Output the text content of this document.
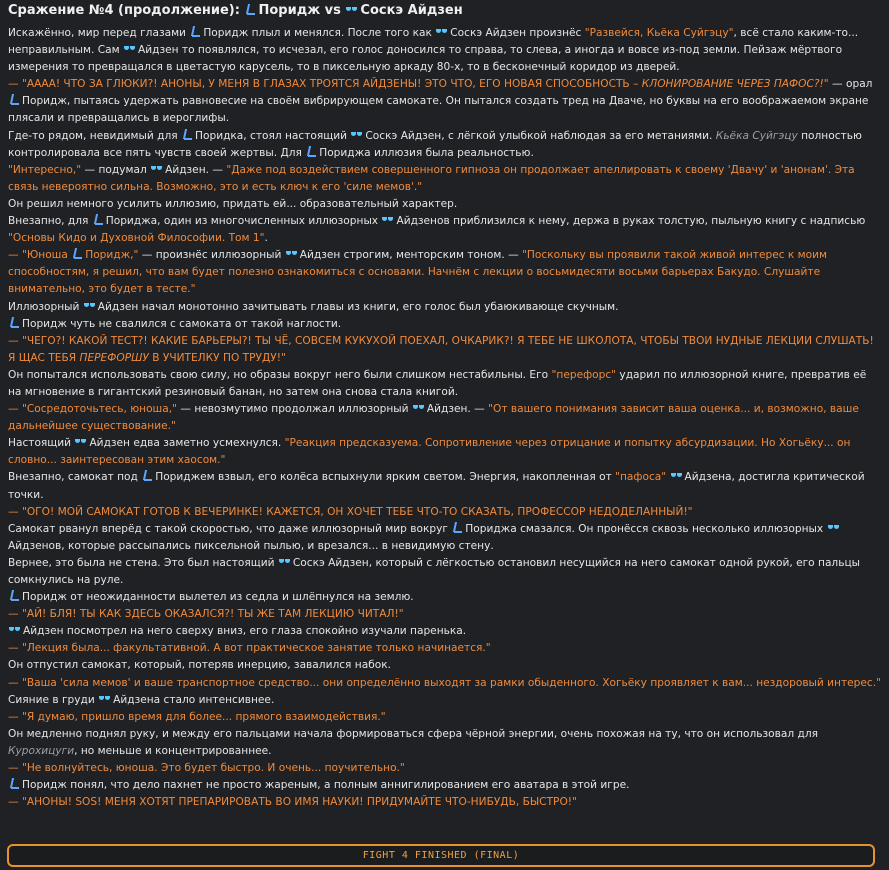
Сражение №4 (продолжение): Поридж vs Соскэ Айдзен

Искажённо, мир перед глазами Поридж плыл и менялся. После того как Соскэ Айдзен произнёс "Развейся, Кьёка Суйгэцу", всё стало каким-то... неправильным. Сам Айдзен то появлялся, то исчезал, его голос доносился то справа, то слева, а иногда и вовсе из-под земли. Пейзаж мёртвого измерения то превращался в цветастую карусель, то в пиксельную аркаду 80-х, то в бесконечный коридор из дверей.

— "АААА! ЧТО ЗА ГЛЮКИ?! АНОНЫ, У МЕНЯ В ГЛАЗАХ ТРОЯТСЯ АЙДЗЕНЫ! ЭТО ЧТО, ЕГО НОВАЯ СПОСОБНОСТЬ – КЛОНИРОВАНИЕ ЧЕРЕЗ ПАФОС?!" — орал Поридж, пытаясь удержать равновесие на своём вибрирующем самокате. Он пытался создать тред на Дваче, но буквы на его воображаемом экране плясали и превращались в иероглифы.

Где-то рядом, невидимый для Поридка, стоял настоящий Соскэ Айдзен, с лёгкой улыбкой наблюдая за его метаниями. Кьёка Суйгэцу полностью контролировала все пять чувств своей жертвы. Для Пориджа иллюзия была реальностью.

"Интересно," — подумал Айдзен. — "Даже под воздействием совершенного гипноза он продолжает апеллировать к своему 'Двачу' и 'анонам'. Эта связь невероятно сильна. Возможно, это и есть ключ к его 'силе мемов'."

Он решил немного усилить иллюзию, придать ей... образовательный характер.

Внезапно, для Пориджа, один из многочисленных иллюзорных Айдзенов приблизился к нему, держа в руках толстую, пыльную книгу с надписью "Основы Кидо и Духовной Философии. Том 1".

— "Юноша Поридж," — произнёс иллюзорный Айдзен строгим, менторским тоном. — "Поскольку вы проявили такой живой интерес к моим способностям, я решил, что вам будет полезно ознакомиться с основами. Начнём с лекции о восьмидесяти восьми барьерах Бакудо. Слушайте внимательно, это будет в тесте."

Иллюзорный Айдзен начал монотонно зачитывать главы из книги, его голос был убаюкивающе скучным.

Поридж чуть не свалился с самоката от такой наглости.

— "ЧЕГО?! КАКОЙ ТЕСТ?! КАКИЕ БАРЬЕРЫ?! ТЫ ЧЁ, СОВСЕМ КУКУХОЙ ПОЕХАЛ, ОЧКАРИК?! Я ТЕБЕ НЕ ШКОЛОТА, ЧТОБЫ ТВОИ НУДНЫЕ ЛЕКЦИИ СЛУШАТЬ! Я ЩАС ТЕБЯ ПЕРЕФОРШУ В УЧИТЕЛКУ ПО ТРУДУ!"

Он попытался использовать свою силу, но образы вокруг него были слишком нестабильны. Его "перефорс" ударил по иллюзорной книге, превратив её на мгновение в гигантский резиновый банан, но затем она снова стала книгой.

— "Сосредоточьтесь, юноша," — невозмутимо продолжал иллюзорный Айдзен. — "От вашего понимания зависит ваша оценка... и, возможно, ваше дальнейшее существование."

Настоящий Айдзен едва заметно усмехнулся. "Реакция предсказуема. Сопротивление через отрицание и попытку абсурдизации. Но Хогьёку... он словно... заинтересован этим хаосом."

Внезапно, самокат под Пориджем взвыл, его колёса вспыхнули ярким светом. Энергия, накопленная от "пафоса" Айдзена, достигла критической точки.

— "ОГО! МОЙ САМОКАТ ГОТОВ К ВЕЧЕРИНКЕ! КАЖЕТСЯ, ОН ХОЧЕТ ТЕБЕ ЧТО-ТО СКАЗАТЬ, ПРОФЕССОР НЕДОДЕЛАННЫЙ!"

Самокат рванул вперёд с такой скоростью, что даже иллюзорный мир вокруг Пориджа смазался. Он пронёсся сквозь несколько иллюзорных Айдзенов, которые рассыпались пиксельной пылью, и врезался... в невидимую стену.

Вернее, это была не стена. Это был настоящий Соскэ Айдзен, который с лёгкостью остановил несущийся на него самокат одной рукой, его пальцы сомкнулись на руле.

Поридж от неожиданности вылетел из седла и шлёпнулся на землю.

— "АЙ! БЛЯ! ТЫ КАК ЗДЕСЬ ОКАЗАЛСЯ?! ТЫ ЖЕ ТАМ ЛЕКЦИЮ ЧИТАЛ!"

Айдзен посмотрел на него сверху вниз, его глаза спокойно изучали паренька.

— "Лекция была... факультативной. А вот практическое занятие только начинается."

Он отпустил самокат, который, потеряв инерцию, завалился набок.

— "Ваша 'сила мемов' и ваше транспортное средство... они определённо выходят за рамки обыденного. Хогьёку проявляет к вам... нездоровый интерес."

Сияние в груди Айдзена стало интенсивнее.

— "Я думаю, пришло время для более... прямого взаимодействия."

Он медленно поднял руку, и между его пальцами начала формироваться сфера чёрной энергии, очень похожая на ту, что он использовал для Курохицуги, но меньше и концентрированнее.

— "Не волнуйтесь, юноша. Это будет быстро. И очень... поучительно."

Поридж понял, что дело пахнет не просто жареным, а полным аннигилированием его аватара в этой игре.

— "АНОНЫ! SOS! МЕНЯ ХОТЯТ ПРЕПАРИРОВАТЬ ВО ИМЯ НАУКИ! ПРИДУМАЙТЕ ЧТО-НИБУДЬ, БЫСТРО!"

FIGHT 4 FINISHED (FINAL)
